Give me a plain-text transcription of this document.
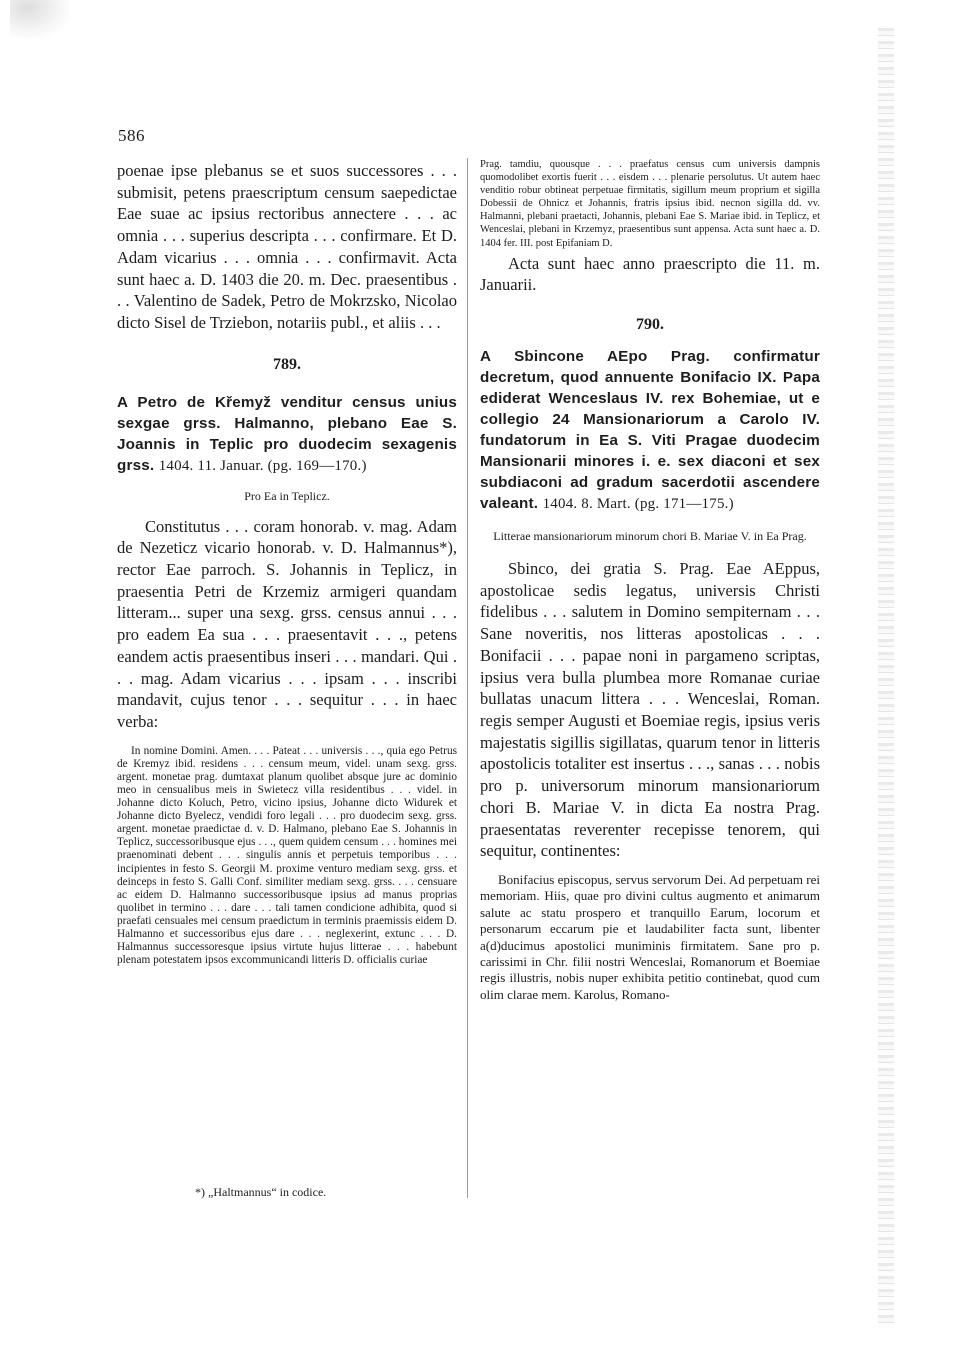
586

poenae ipse plebanus se et suos successores . . . submisit, petens praescriptum censum saepedictae Eae suae ac ipsius rectoribus annectere . . . ac omnia . . . superius descripta . . . confirmare. Et D. Adam vicarius . . . omnia . . . confirmavit. Acta sunt haec a. D. 1403 die 20. m. Dec. praesentibus . . . Valentino de Sadek, Petro de Mokrzsko, Nicolao dicto Sisel de Trziebon, notariis publ., et aliis . . .

789.

A Petro de Křemyž venditur census unius sexgae grss. Halmanno, plebano Eae S. Joannis in Teplic pro duodecim sexagenis grss. 1404. 11. Januar. (pg. 169—170.)

Pro Ea in Teplicz.

Constitutus . . . coram honorab. v. mag. Adam de Nezeticz vicario honorab. v. D. Halmannus*), rector Eae parroch. S. Johannis in Teplicz, in praesentia Petri de Krzemiz armigeri quandam litteram... super una sexg. grss. census annui . . . pro eadem Ea sua . . . praesentavit . . ., petens eandem actis praesentibus inseri . . . mandari. Qui . . . mag. Adam vicarius . . . ipsam . . . inscribi mandavit, cujus tenor . . . sequitur . . . in haec verba:

In nomine Domini. Amen. . . . Pateat . . . universis . . ., quia ego Petrus de Kremyz ibid. residens . . . censum meum, videl. unam sexg. grss. argent. monetae prag. dumtaxat planum quolibet absque jure ac dominio meo in censualibus meis in Swietecz villa residentibus . . . videl. in Johanne dicto Koluch, Petro, vicino ipsius, Johanne dicto Widurek et Johanne dicto Byelecz, vendidi foro legali . . . pro duodecim sexg. grss. argent. monetae praedictae d. v. D. Halmano, plebano Eae S. Johannis in Teplicz, successoribusque ejus . . ., quem quidem censum . . . homines mei praenominati debent . . . singulis annis et perpetuis temporibus . . . incipientes in festo S. Georgii M. proxime venturo mediam sexg. grss. et deinceps in festo S. Galli Conf. similiter mediam sexg. grss. . . . censuare ac eidem D. Halmanno successoribusque ipsius ad manus proprias quolibet in termino . . . dare . . . tali tamen condicione adhibita, quod si praefati censuales mei censum praedictum in terminis praemissis eidem D. Halmanno et successoribus ejus dare . . . neglexerint, extunc . . . D. Halmannus successoresque ipsius virtute hujus litterae . . . habebunt plenam potestatem ipsos excommunicandi litteris D. officialis curiae

*) „Haltmannus“ in codice.

Prag. tamdiu, quousque . . . praefatus census cum universis dampnis quomodolibet exortis fuerit . . . eisdem . . . plenarie persolutus. Ut autem haec venditio robur obtineat perpetuae firmitatis, sigillum meum proprium et sigilla Dobessii de Ohnicz et Johannis, fratris ipsius ibid. necnon sigilla dd. vv. Halmanni, plebani praetacti, Johannis, plebani Eae S. Mariae ibid. in Teplicz, et Wenceslai, plebani in Krzemyz, praesentibus sunt appensa. Acta sunt haec a. D. 1404 fer. III. post Epifaniam D.

Acta sunt haec anno praescripto die 11. m. Januarii.

790.

A Sbincone AEpo Prag. confirmatur decretum, quod annuente Bonifacio IX. Papa ediderat Wenceslaus IV. rex Bohemiae, ut e collegio 24 Mansionariorum a Carolo IV. fundatorum in Ea S. Viti Pragae duodecim Mansionarii minores i. e. sex diaconi et sex subdiaconi ad gradum sacerdotii ascendere valeant. 1404. 8. Mart. (pg. 171—175.)

Litterae mansionariorum minorum chori B. Mariae V. in Ea Prag.

Sbinco, dei gratia S. Prag. Eae AEppus, apostolicae sedis legatus, universis Christi fidelibus . . . salutem in Domino sempiternam . . . Sane noveritis, nos litteras apostolicas . . . Bonifacii . . . papae noni in pargameno scriptas, ipsius vera bulla plumbea more Romanae curiae bullatas unacum littera . . . Wenceslai, Roman. regis semper Augusti et Boemiae regis, ipsius veris majestatis sigillis sigillatas, quarum tenor in litteris apostolicis totaliter est insertus . . ., sanas . . . nobis pro p. universorum minorum mansionariorum chori B. Mariae V. in dicta Ea nostra Prag. praesentatas reverenter recepisse tenorem, qui sequitur, continentes:

Bonifacius episcopus, servus servorum Dei. Ad perpetuam rei memoriam. Hiis, quae pro divini cultus augmento et animarum salute ac statu prospero et tranquillo Earum, locorum et personarum eccarum pie et laudabiliter facta sunt, libenter a(d)ducimus apostolici muniminis firmitatem. Sane pro p. carissimi in Chr. filii nostri Wenceslai, Romanorum et Boemiae regis illustris, nobis nuper exhibita petitio continebat, quod cum olim clarae mem. Karolus, Romano-
